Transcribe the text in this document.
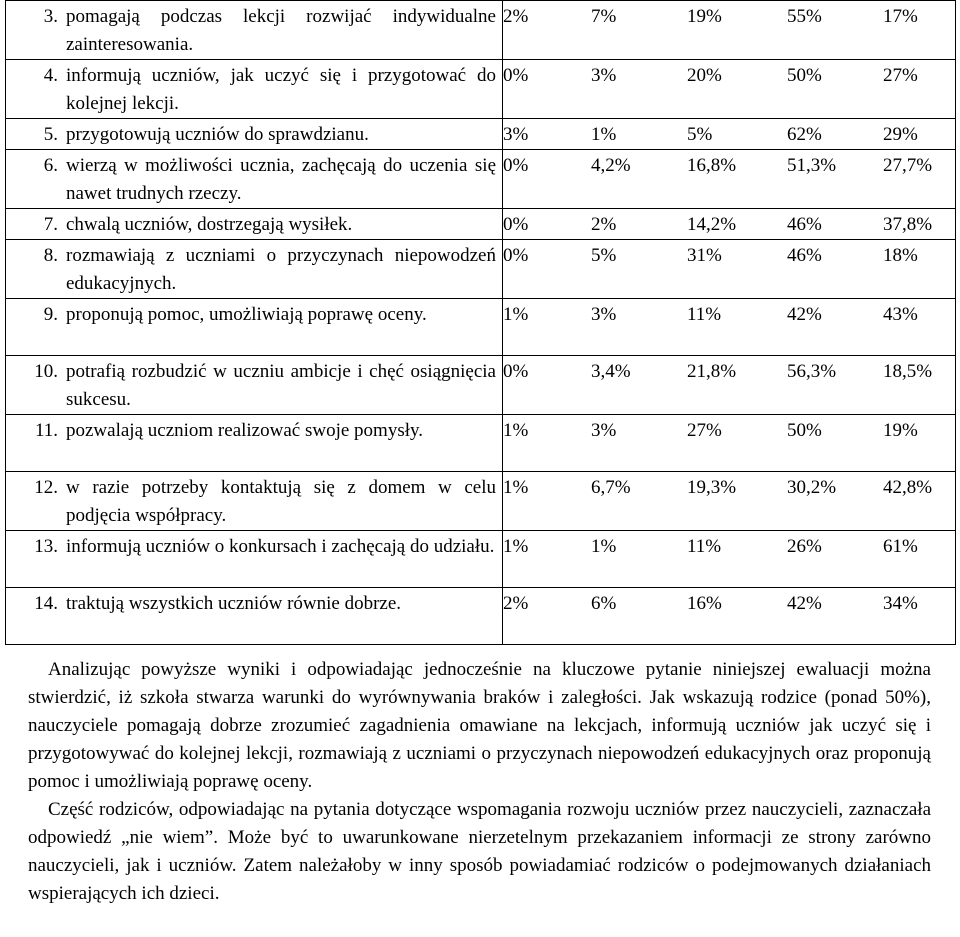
3. pomagają podczas lekcji rozwijać indywidualne zainteresowania.	2% 7% 19% 55% 17%

4. informują uczniów, jak uczyć się i przygotować do kolejnej lekcji.	0% 3% 20% 50% 27%

5. przygotowują uczniów do sprawdzianu.	3% 1% 5% 62% 29%

6. wierzą w możliwości ucznia, zachęcają do uczenia się nawet trudnych rzeczy.	0% 4,2% 16,8% 51,3% 27,7%

7. chwalą uczniów, dostrzegają wysiłek.	0% 2% 14,2% 46% 37,8%

8. rozmawiają z uczniami o przyczynach niepowodzeń edukacyjnych.	0% 5% 31% 46% 18%

9. proponują pomoc, umożliwiają poprawę oceny.	1% 3% 11% 42% 43%

10. potrafią rozbudzić w uczniu ambicje i chęć osiągnięcia sukcesu.	0% 3,4% 21,8% 56,3% 18,5%

11. pozwalają uczniom realizować swoje pomysły.	1% 3% 27% 50% 19%

12. w razie potrzeby kontaktują się z domem w celu podjęcia współpracy.	1% 6,7% 19,3% 30,2% 42,8%

13. informują uczniów o konkursach i zachęcają do udziału.	1% 1% 11% 26% 61%

14. traktują wszystkich uczniów równie dobrze.	2% 6% 16% 42% 34%

Analizując powyższe wyniki i odpowiadając jednocześnie na kluczowe pytanie niniejszej ewaluacji można stwierdzić, iż szkoła stwarza warunki do wyrównywania braków i zaległości. Jak wskazują rodzice (ponad 50%), nauczyciele pomagają dobrze zrozumieć zagadnienia omawiane na lekcjach, informują uczniów jak uczyć się i przygotowywać do kolejnej lekcji, rozmawiają z uczniami o przyczynach niepowodzeń edukacyjnych oraz proponują pomoc i umożliwiają poprawę oceny.

Część rodziców, odpowiadając na pytania dotyczące wspomagania rozwoju uczniów przez nauczycieli, zaznaczała odpowiedź „nie wiem”. Może być to uwarunkowane nierzetelnym przekazaniem informacji ze strony zarówno nauczycieli, jak i uczniów. Zatem należałoby w inny sposób powiadamiać rodziców o podejmowanych działaniach wspierających ich dzieci.
